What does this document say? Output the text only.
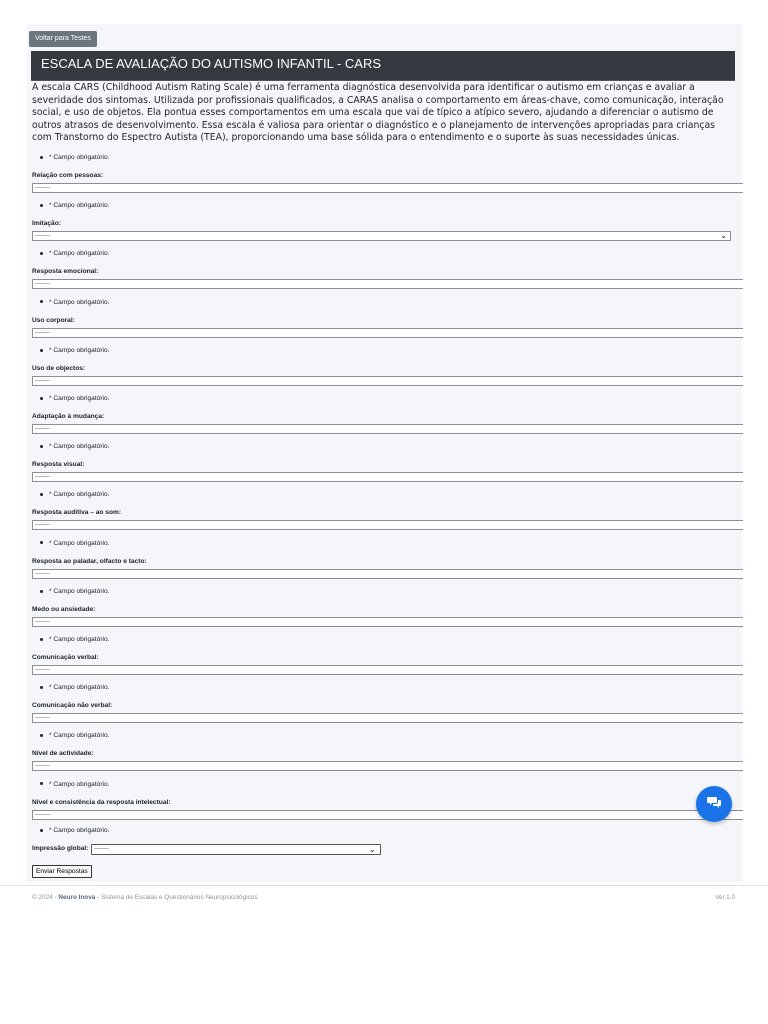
Voltar para Testes
ESCALA DE AVALIAÇÃO DO AUTISMO INFANTIL - CARS

A escala CARS (Childhood Autism Rating Scale) é uma ferramenta diagnóstica desenvolvida para identificar o autismo em crianças e avaliar a severidade dos sintomas. Utilizada por profissionais qualificados, a CARAS analisa o comportamento em áreas-chave, como comunicação, interação social, e uso de objetos. Ela pontua esses comportamentos em uma escala que vai de típico a atípico severo, ajudando a diferenciar o autismo de outros atrasos de desenvolvimento. Essa escala é valiosa para orientar o diagnóstico e o planejamento de intervenções apropriadas para crianças com Transtorno do Espectro Autista (TEA), proporcionando uma base sólida para o entendimento e o suporte às suas necessidades únicas.

* Campo obrigatório.
Relação com pessoas:
---------
* Campo obrigatório.
Imitação:
---------	⌄
* Campo obrigatório.
Resposta emocional:
---------
* Campo obrigatório.
Uso corporal:
---------
* Campo obrigatório.
Uso de objectos:
---------
* Campo obrigatório.
Adaptação à mudança:
---------
* Campo obrigatório.
Resposta visual:
---------
* Campo obrigatório.
Resposta auditiva – ao som:
---------
* Campo obrigatório.
Resposta ao paladar, olfacto e tacto:
---------
* Campo obrigatório.
Medo ou ansiedade:
---------
* Campo obrigatório.
Comunicação verbal:
---------
* Campo obrigatório.
Comunicação não verbal:
---------
* Campo obrigatório.
Nível de actividade:
---------
* Campo obrigatório.
Nível e consistência da resposta intelectual:
---------
* Campo obrigatório.
Impressão global:	---------	⌄
Enviar Respostas
© 2024 - Neuro Inova - Sistema de Escalas e Questionários Neuropsicológicos	Ver.1.0
